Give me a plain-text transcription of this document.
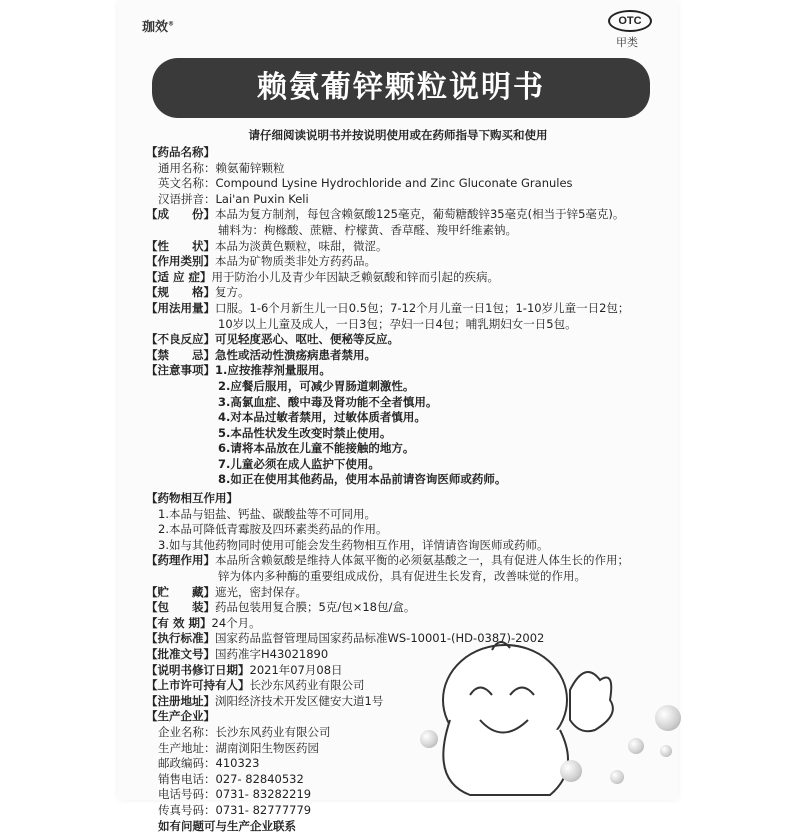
珈效®	OTC
甲类
赖氨葡锌颗粒说明书
请仔细阅读说明书并按说明使用或在药师指导下购买和使用
【药品名称】
通用名称：赖氨葡锌颗粒
英文名称：Compound Lysine Hydrochloride and Zinc Gluconate Granules
汉语拼音：Lai'an Puxin Keli
【成　　份】本品为复方制剂，每包含赖氨酸125毫克，葡萄糖酸锌35毫克(相当于锌5毫克)。
辅料为：枸橼酸、蔗糖、柠檬黄、香草醛、羧甲纤维素钠。
【性　　状】本品为淡黄色颗粒，味甜，微涩。
【作用类别】本品为矿物质类非处方药药品。
【适 应 症】用于防治小儿及青少年因缺乏赖氨酸和锌而引起的疾病。
【规　　格】复方。
【用法用量】口服。1-6个月新生儿一日0.5包；7-12个月儿童一日1包；1-10岁儿童一日2包；
10岁以上儿童及成人，一日3包；孕妇一日4包；哺乳期妇女一日5包。
【不良反应】可见轻度恶心、呕吐、便秘等反应。
【禁　　忌】急性或活动性溃疡病患者禁用。
【注意事项】1.应按推荐剂量服用。
2.应餐后服用，可减少胃肠道刺激性。
3.高氯血症、酸中毒及肾功能不全者慎用。
4.对本品过敏者禁用，过敏体质者慎用。
5.本品性状发生改变时禁止使用。
6.请将本品放在儿童不能接触的地方。
7.儿童必须在成人监护下使用。
8.如正在使用其他药品，使用本品前请咨询医师或药师。
【药物相互作用】
1.本品与铝盐、钙盐、碳酸盐等不可同用。
2.本品可降低青霉胺及四环素类药品的作用。
3.如与其他药物同时使用可能会发生药物相互作用，详情请咨询医师或药师。
【药理作用】本品所含赖氨酸是维持人体氮平衡的必须氨基酸之一，具有促进人体生长的作用；
锌为体内多种酶的重要组成成份，具有促进生长发育，改善味觉的作用。
【贮　　藏】遮光，密封保存。
【包　　装】药品包装用复合膜；5克/包×18包/盒。
【有 效 期】24个月。
【执行标准】国家药品监督管理局国家药品标准WS-10001-(HD-0387)-2002
【批准文号】国药准字H43021890
【说明书修订日期】2021年07月08日
【上市许可持有人】长沙东风药业有限公司
【注册地址】浏阳经济技术开发区健安大道1号
【生产企业】
企业名称：长沙东风药业有限公司
生产地址：湖南浏阳生物医药园
邮政编码：410323
销售电话：027- 82840532
电话号码：0731- 83282219
传真号码：0731- 82777779
如有问题可与生产企业联系
